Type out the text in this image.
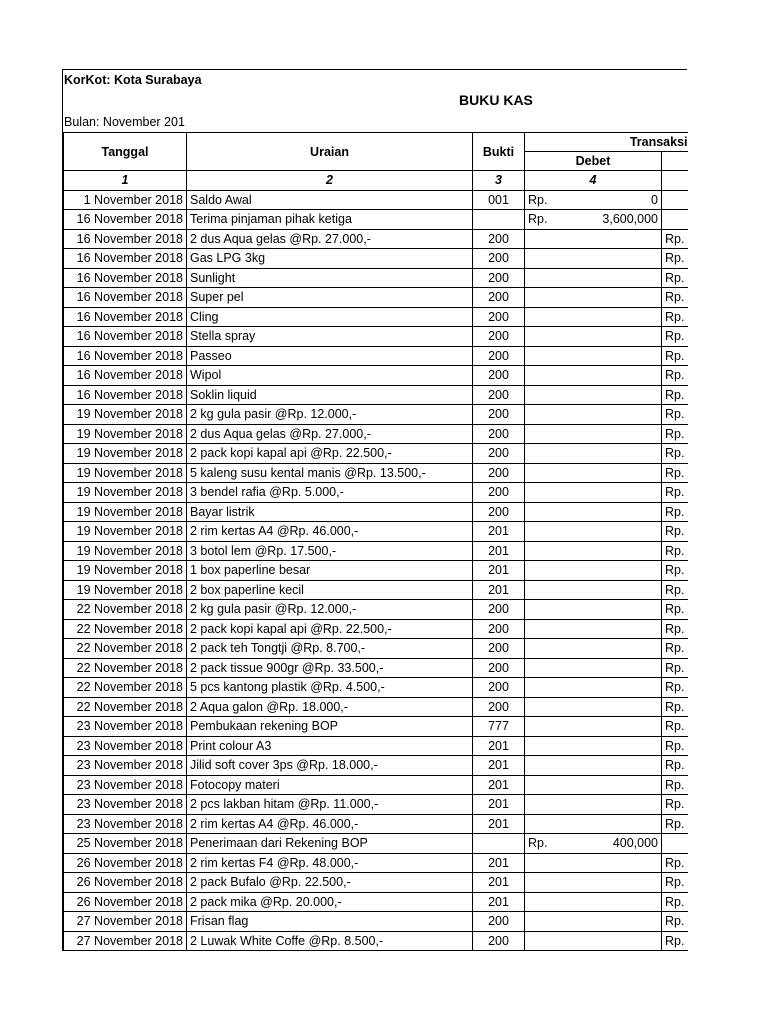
KorKot: Kota Surabaya
BUKU KAS
Bulan: November 201
Tanggal	Uraian	Bukti	Transaksi		
			Debet		
1	2	3	4		
1 November 2018	Saldo Awal	001	Rp.	0	
16 November 2018	Terima pinjaman pihak ketiga		Rp.	3,600,000	
16 November 2018	2 dus Aqua gelas @Rp. 27.000,-	200			Rp.
16 November 2018	Gas LPG 3kg	200			Rp.
16 November 2018	Sunlight	200			Rp.
16 November 2018	Super pel	200			Rp.
16 November 2018	Cling	200			Rp.
16 November 2018	Stella spray	200			Rp.
16 November 2018	Passeo	200			Rp.
16 November 2018	Wipol	200			Rp.
16 November 2018	Soklin liquid	200			Rp.
19 November 2018	2 kg gula pasir @Rp. 12.000,-	200			Rp.
19 November 2018	2 dus Aqua gelas @Rp. 27.000,-	200			Rp.
19 November 2018	2 pack kopi kapal api @Rp. 22.500,-	200			Rp.
19 November 2018	5 kaleng susu kental manis @Rp. 13.500,-	200			Rp.
19 November 2018	3 bendel rafia @Rp. 5.000,-	200			Rp.
19 November 2018	Bayar listrik	200			Rp.
19 November 2018	2 rim kertas A4 @Rp. 46.000,-	201			Rp.
19 November 2018	3 botol lem @Rp. 17.500,-	201			Rp.
19 November 2018	1 box paperline besar	201			Rp.
19 November 2018	2 box paperline kecil	201			Rp.
22 November 2018	2 kg gula pasir @Rp. 12.000,-	200			Rp.
22 November 2018	2 pack kopi kapal api @Rp. 22.500,-	200			Rp.
22 November 2018	2 pack teh Tongtji @Rp. 8.700,-	200			Rp.
22 November 2018	2 pack tissue 900gr @Rp. 33.500,-	200			Rp.
22 November 2018	5 pcs kantong plastik @Rp. 4.500,-	200			Rp.
22 November 2018	2 Aqua galon @Rp. 18.000,-	200			Rp.
23 November 2018	Pembukaan rekening BOP	777			Rp.
23 November 2018	Print colour A3	201			Rp.
23 November 2018	Jilid soft cover 3ps @Rp. 18.000,-	201			Rp.
23 November 2018	Fotocopy materi	201			Rp.
23 November 2018	2 pcs lakban hitam @Rp. 11.000,-	201			Rp.
23 November 2018	2 rim kertas A4 @Rp. 46.000,-	201			Rp.
25 November 2018	Penerimaan dari Rekening BOP		Rp.	400,000	
26 November 2018	2 rim kertas F4 @Rp. 48.000,-	201			Rp.
26 November 2018	2 pack Bufalo @Rp. 22.500,-	201			Rp.
26 November 2018	2 pack mika @Rp. 20.000,-	201			Rp.
27 November 2018	Frisan flag	200			Rp.
27 November 2018	2 Luwak White Coffe @Rp. 8.500,-	200			Rp.
